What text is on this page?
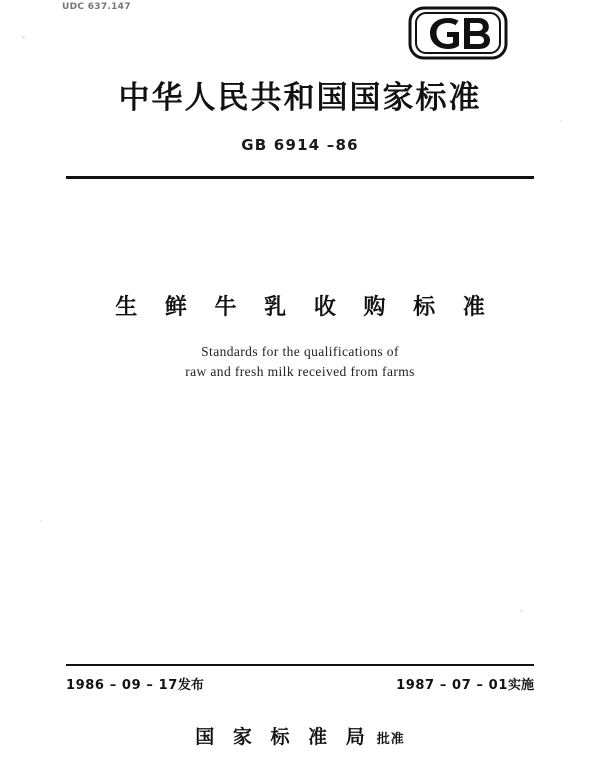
UDC 637.147
中华人民共和国国家标准
GB 6914 –86
生 鲜 牛 乳 收 购 标 准
Standards for the qualifications of
raw and fresh milk received from farms
1986 – 09 – 17发布	1987 – 07 – 01实施
国 家 标 准 局 批准
